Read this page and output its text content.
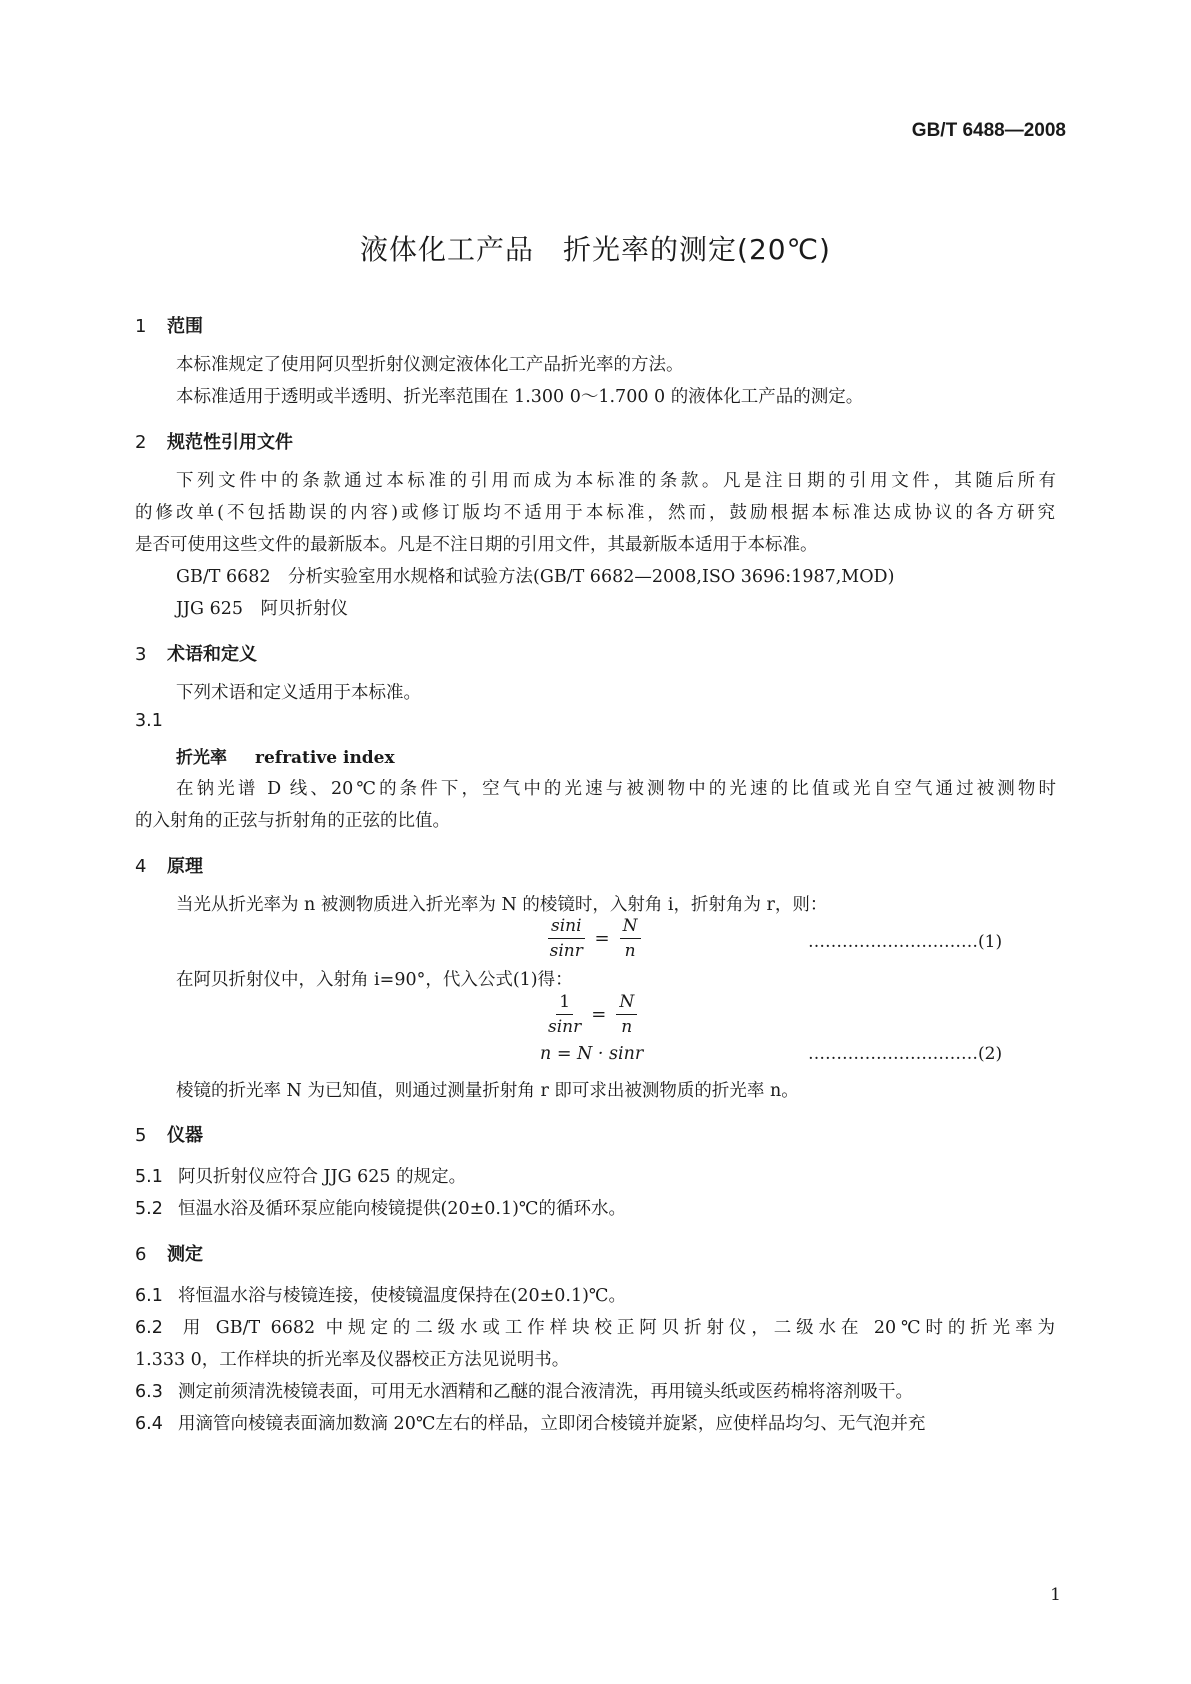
GB/T 6488—2008
液体化工产品　折光率的测定(20℃)
1 范围
本标准规定了使用阿贝型折射仪测定液体化工产品折光率的方法。
本标准适用于透明或半透明、折光率范围在 1.300 0～1.700 0 的液体化工产品的测定。
2 规范性引用文件
下列文件中的条款通过本标准的引用而成为本标准的条款。凡是注日期的引用文件，其随后所有
的修改单(不包括勘误的内容)或修订版均不适用于本标准，然而，鼓励根据本标准达成协议的各方研究
是否可使用这些文件的最新版本。凡是不注日期的引用文件，其最新版本适用于本标准。
GB/T 6682　分析实验室用水规格和试验方法(GB/T 6682—2008,ISO 3696:1987,MOD)
JJG 625　阿贝折射仪
3 术语和定义
下列术语和定义适用于本标准。
3.1
折光率 refrative index
在钠光谱 D 线、20℃的条件下，空气中的光速与被测物中的光速的比值或光自空气通过被测物时
的入射角的正弦与折射角的正弦的比值。
4 原理
当光从折光率为 n 被测物质进入折光率为 N 的棱镜时，入射角 i，折射角为 r，则：
$\frac{\sin i}{\sin r} = \frac{N}{n}$	…………………………(1)
在阿贝折射仪中，入射角 i=90°，代入公式(1)得：
$\frac{1}{\sin r} = \frac{N}{n}$
n = N · sinr	…………………………(2)
棱镜的折光率 N 为已知值，则通过测量折射角 r 即可求出被测物质的折光率 n。
5 仪器
5.1 阿贝折射仪应符合 JJG 625 的规定。
5.2 恒温水浴及循环泵应能向棱镜提供(20±0.1)℃的循环水。
6 测定
6.1 将恒温水浴与棱镜连接，使棱镜温度保持在(20±0.1)℃。
6.2 用 GB/T 6682 中规定的二级水或工作样块校正阿贝折射仪，二级水在 20℃时的折光率为
1.333 0，工作样块的折光率及仪器校正方法见说明书。
6.3 测定前须清洗棱镜表面，可用无水酒精和乙醚的混合液清洗，再用镜头纸或医药棉将溶剂吸干。
6.4 用滴管向棱镜表面滴加数滴 20℃左右的样品，立即闭合棱镜并旋紧，应使样品均匀、无气泡并充
1
